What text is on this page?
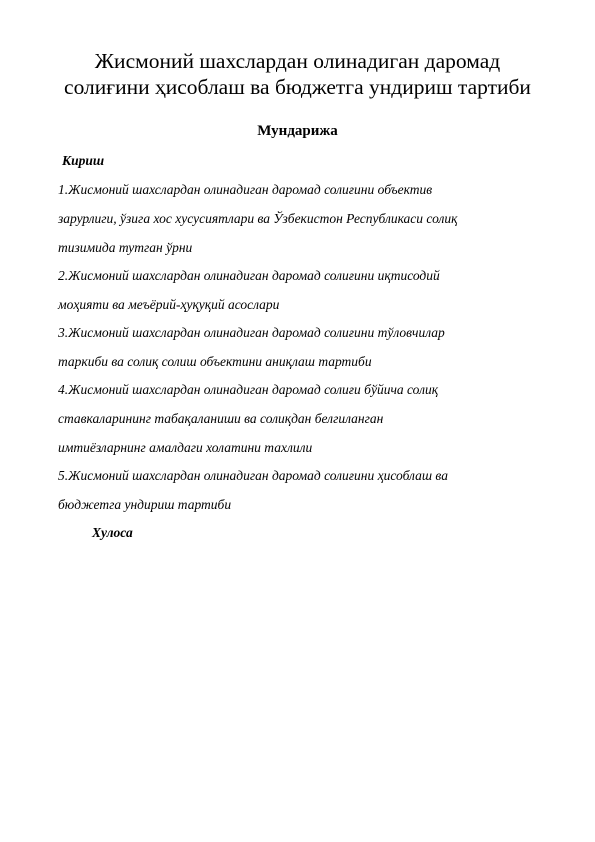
Жисмоний шахслардан олинадиган даромад
солиғини ҳисоблаш ва бюджетга ундириш тартиби
Мундарижа

Кириш

1.Жисмоний шахслардан олинадиган даромад солиғини объектив

зарурлиги, ўзига хос хусусиятлари ва Ўзбекистон Республикаси солиқ

тизимида тутган ўрни

2.Жисмоний шахслардан олинадиган даромад солиғини иқтисодий

моҳияти ва меъёрий-ҳуқуқий асослари

3.Жисмоний шахслардан олинадиган даромад солиғини тўловчилар

таркиби ва солиқ солиш объектини аниқлаш тартиби

4.Жисмоний шахслардан олинадиган даромад солиғи бўйича солиқ

ставкаларининг табақаланиши ва солиқдан белгиланган

имтиёзларнинг амалдаги холатини тахлили

5.Жисмоний шахслардан олинадиган даромад солиғини ҳисоблаш ва

бюджетга ундириш тартиби

Хулоса
